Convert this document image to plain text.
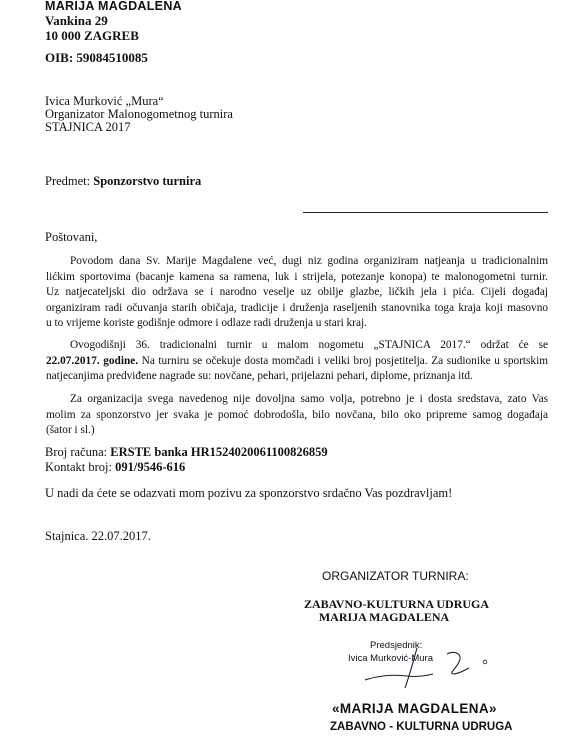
MARIJA MAGDALENA
Vankina 29
10 000 ZAGREB
OIB: 59084510085
Ivica Murković „Mura“
Organizator Malonogometnog turnira
STAJNICA 2017
Predmet: Sponzorstvo turnira
Poštovani,
Povodom dana Sv. Marije Magdalene već, dugi niz godina organiziram natjeanja u tradicionalnim
lićkim sportovima (bacanje kamena sa ramena, luk i strijela, potezanje konopa) te malonogometni turnir.
Uz natjecateljski dio održava se i narodno veselje uz obilje glazbe, ličkih jela i pića. Cijeli događaj
organiziram radi očuvanja starih običaja, tradicije i druženja raseljenih stanovnika toga kraja koji masovno
u to vrijeme koriste godišnje odmore i odlaze radi druženja u stari kraj.
Ovogodišnji 36. tradicionalni turnir u malom nogometu „STAJNICA 2017.“ održat će se
22.07.2017. godine. Na turniru se očekuje dosta momčadi i veliki broj posjetitelja. Za sudionike u sportskim
natjecanjima predviđene nagrade su: novčane, pehari, prijelazni pehari, diplome, priznanja itd.
Za organizacija svega navedenog nije dovoljna samo volja, potrebno je i dosta sredstava, zato Vas
molim za sponzorstvo jer svaka je pomoć dobrodošla, bilo novčana, bilo oko pripreme samog događaja
(šator i sl.)
Broj računa: ERSTE banka HR1524020061100826859
Kontakt broj: 091/9546-616
U nadi da ćete se odazvati mom pozivu za sponzorstvo srdačno Vas pozdravljam!
Stajnica. 22.07.2017.
ORGANIZATOR TURNIRA:
ZABAVNO-KULTURNA UDRUGA
MARIJA MAGDALENA
Predsjednik:
Ivica Murković-Mura
«MARIJA MAGDALENA»
ZABAVNO - KULTURNA UDRUGA
